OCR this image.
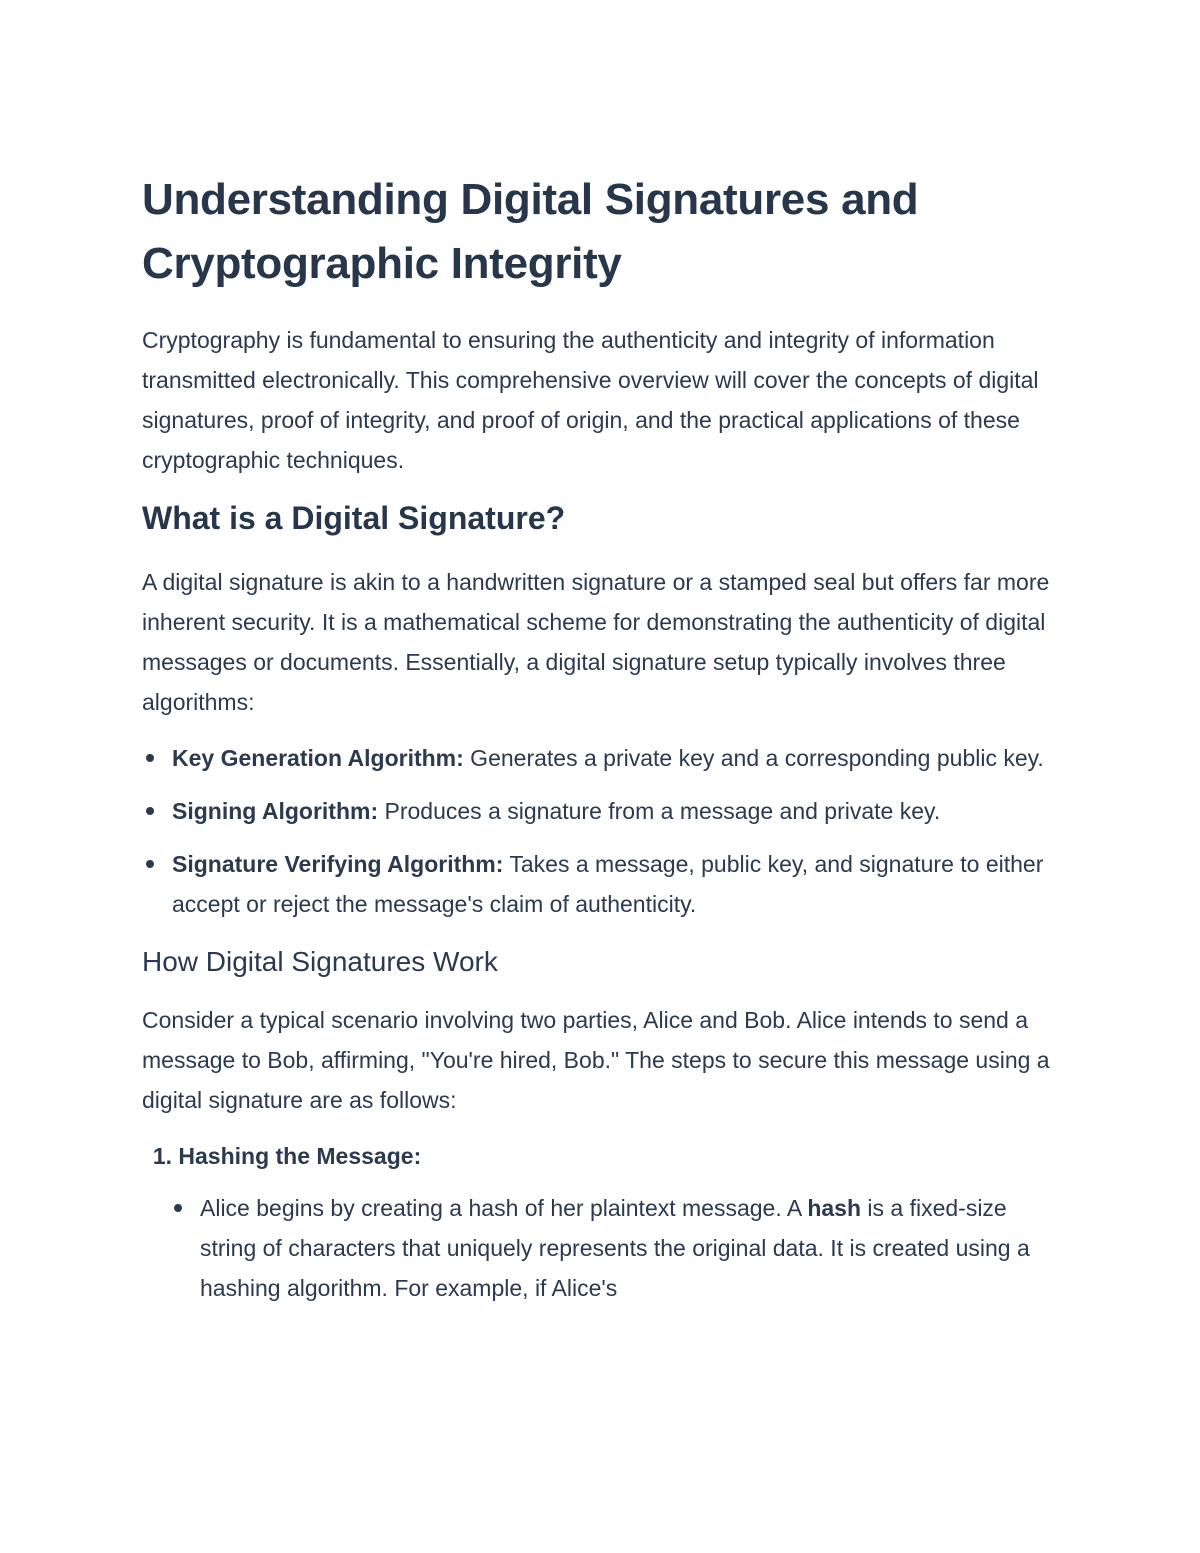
Understanding Digital Signatures and Cryptographic Integrity

Cryptography is fundamental to ensuring the authenticity and integrity of information transmitted electronically. This comprehensive overview will cover the concepts of digital signatures, proof of integrity, and proof of origin, and the practical applications of these cryptographic techniques.

What is a Digital Signature?

A digital signature is akin to a handwritten signature or a stamped seal but offers far more inherent security. It is a mathematical scheme for demonstrating the authenticity of digital messages or documents. Essentially, a digital signature setup typically involves three algorithms:

Key Generation Algorithm: Generates a private key and a corresponding public key.
Signing Algorithm: Produces a signature from a message and private key.
Signature Verifying Algorithm: Takes a message, public key, and signature to either accept or reject the message's claim of authenticity.
How Digital Signatures Work

Consider a typical scenario involving two parties, Alice and Bob. Alice intends to send a message to Bob, affirming, "You're hired, Bob." The steps to secure this message using a digital signature are as follows:

1. Hashing the Message:
Alice begins by creating a hash of her plaintext message. A hash is a fixed-size string of characters that uniquely represents the original data. It is created using a hashing algorithm. For example, if Alice's
